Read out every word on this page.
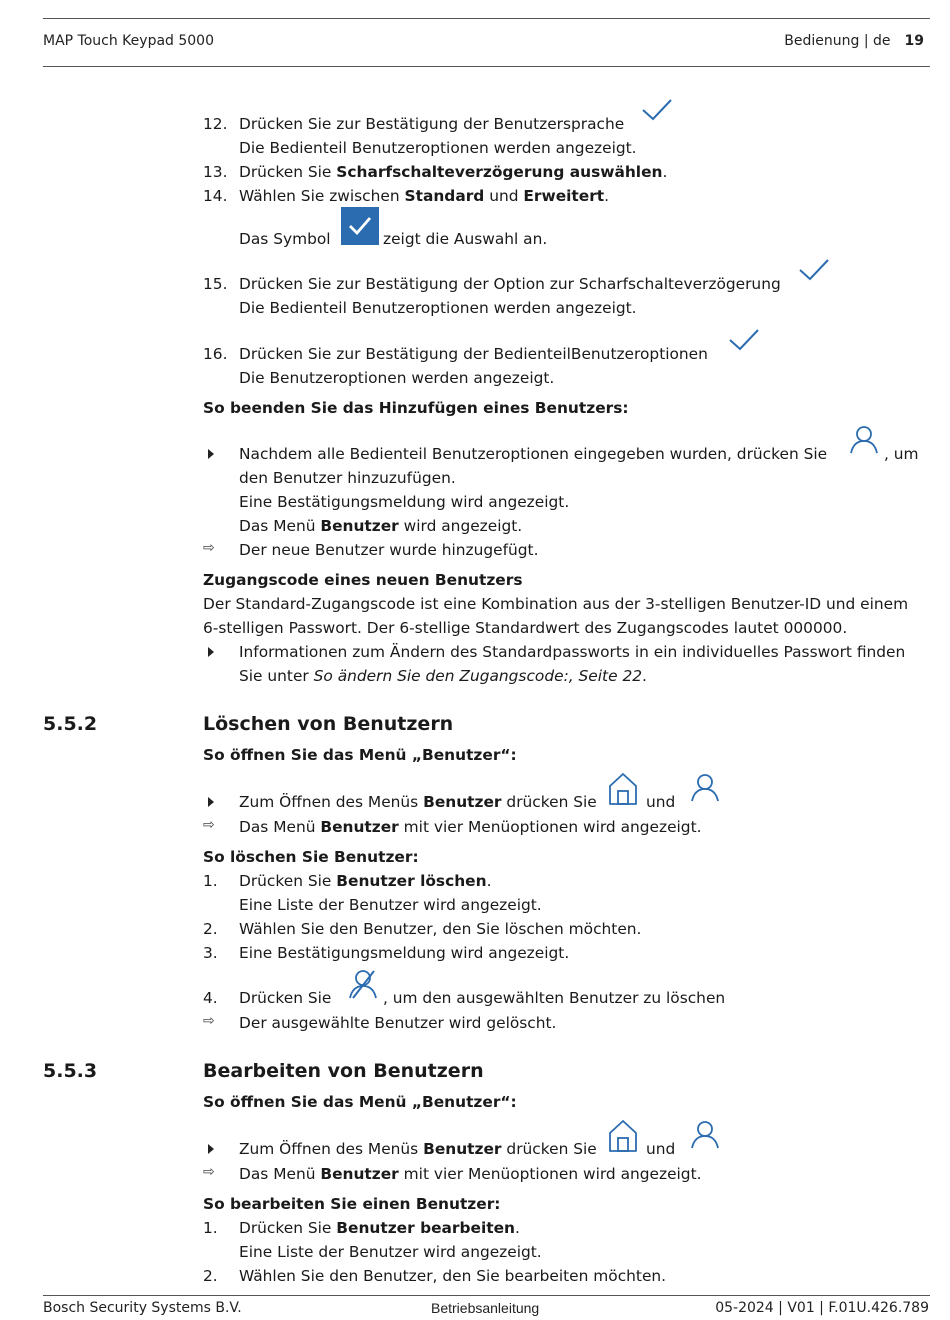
MAP Touch Keypad 5000	Bedienung | de 19
12. Drücken Sie zur Bestätigung der Benutzersprache
Die Bedienteil Benutzeroptionen werden angezeigt.
13. Drücken Sie Scharfschalteverzögerung auswählen.
14. Wählen Sie zwischen Standard und Erweitert.
Das Symbol	zeigt die Auswahl an.
15. Drücken Sie zur Bestätigung der Option zur Scharfschalteverzögerung
Die Bedienteil Benutzeroptionen werden angezeigt.
16. Drücken Sie zur Bestätigung der BedienteilBenutzeroptionen
Die Benutzeroptionen werden angezeigt.
So beenden Sie das Hinzufügen eines Benutzers:
Nachdem alle Bedienteil Benutzeroptionen eingegeben wurden, drücken Sie	, um
den Benutzer hinzuzufügen.
Eine Bestätigungsmeldung wird angezeigt.
Das Menü Benutzer wird angezeigt.
⇨ Der neue Benutzer wurde hinzugefügt.
Zugangscode eines neuen Benutzers
Der Standard-Zugangscode ist eine Kombination aus der 3-stelligen Benutzer-ID und einem
6-stelligen Passwort. Der 6-stellige Standardwert des Zugangscodes lautet 000000.
Informationen zum Ändern des Standardpassworts in ein individuelles Passwort finden
Sie unter So ändern Sie den Zugangscode:, Seite 22.
5.5.2	Löschen von Benutzern
So öffnen Sie das Menü „Benutzer“:
Zum Öffnen des Menüs Benutzer drücken Sie	und
⇨ Das Menü Benutzer mit vier Menüoptionen wird angezeigt.
So löschen Sie Benutzer:
1. Drücken Sie Benutzer löschen.
Eine Liste der Benutzer wird angezeigt.
2. Wählen Sie den Benutzer, den Sie löschen möchten.
3. Eine Bestätigungsmeldung wird angezeigt.
4. Drücken Sie	, um den ausgewählten Benutzer zu löschen
⇨ Der ausgewählte Benutzer wird gelöscht.
5.5.3	Bearbeiten von Benutzern
So öffnen Sie das Menü „Benutzer“:
Zum Öffnen des Menüs Benutzer drücken Sie	und
⇨ Das Menü Benutzer mit vier Menüoptionen wird angezeigt.
So bearbeiten Sie einen Benutzer:
1. Drücken Sie Benutzer bearbeiten.
Eine Liste der Benutzer wird angezeigt.
2. Wählen Sie den Benutzer, den Sie bearbeiten möchten.
Bosch Security Systems B.V.	Betriebsanleitung	05-2024 | V01 | F.01U.426.789
